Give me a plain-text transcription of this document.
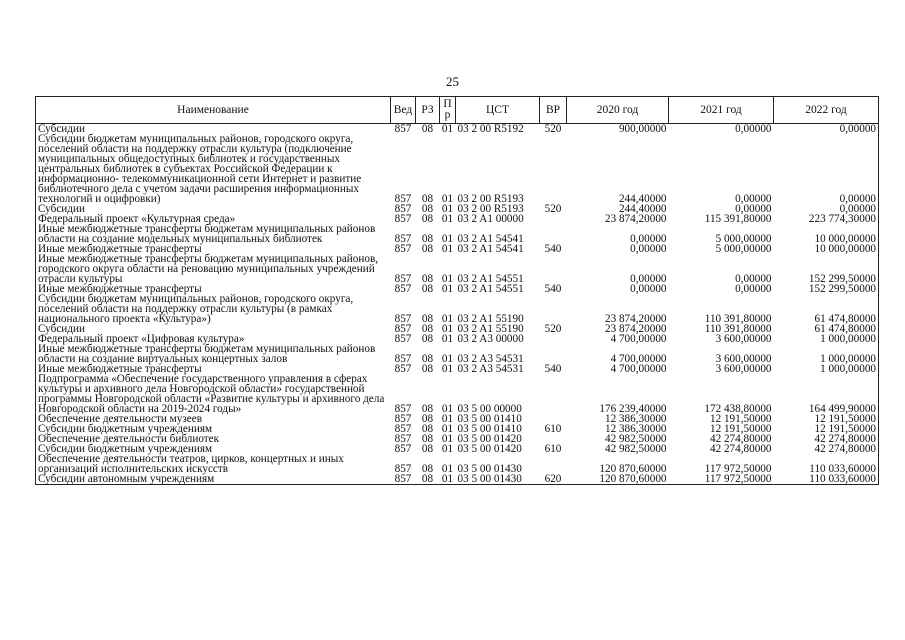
25
Наименование	Вед	РЗ	П р	ЦСТ	ВР	2020 год	2021 год	2022 год
Субсидии	857	08	01	03 2 00 R5192	520	900,00000	0,00000	0,00000
Субсидии бюджетам муниципальных районов, городского округа, поселений области на поддержку отрасли культура (подключение муниципальных общедоступных библиотек и государственных центральных библиотек в субъектах Российской Федерации к информационно- телекоммуникационной сети Интернет и развитие библиотечного дела с учетом задачи расширения информационных технологий и оцифровки)	857	08	01	03 2 00 R5193		244,40000	0,00000	0,00000
Субсидии	857	08	01	03 2 00 R5193	520	244,40000	0,00000	0,00000
Федеральный проект «Культурная среда»	857	08	01	03 2 A1 00000		23 874,20000	115 391,80000	223 774,30000
Иные межбюджетные трансферты бюджетам муниципальных районов области на создание модельных муниципальных библиотек	857	08	01	03 2 A1 54541		0,00000	5 000,00000	10 000,00000
Иные межбюджетные трансферты	857	08	01	03 2 A1 54541	540	0,00000	5 000,00000	10 000,00000
Иные межбюджетные трансферты бюджетам муниципальных районов, городского округа области на реновацию муниципальных учреждений отрасли культуры	857	08	01	03 2 A1 54551		0,00000	0,00000	152 299,50000
Иные межбюджетные трансферты	857	08	01	03 2 A1 54551	540	0,00000	0,00000	152 299,50000
Субсидии бюджетам муниципальных районов, городского округа, поселений области на поддержку отрасли культуры (в рамках национального проекта «Культура»)	857	08	01	03 2 A1 55190		23 874,20000	110 391,80000	61 474,80000
Субсидии	857	08	01	03 2 A1 55190	520	23 874,20000	110 391,80000	61 474,80000
Федеральный проект «Цифровая культура»	857	08	01	03 2 A3 00000		4 700,00000	3 600,00000	1 000,00000
Иные межбюджетные трансферты бюджетам муниципальных районов области на создание виртуальных концертных залов	857	08	01	03 2 A3 54531		4 700,00000	3 600,00000	1 000,00000
Иные межбюджетные трансферты	857	08	01	03 2 A3 54531	540	4 700,00000	3 600,00000	1 000,00000
Подпрограмма «Обеспечение государственного управления в сферах культуры и архивного дела Новгородской области» государственной программы Новгородской области «Развитие культуры и архивного дела Новгородской области на 2019-2024 годы»	857	08	01	03 5 00 00000		176 239,40000	172 438,80000	164 499,90000
Обеспечение деятельности музеев	857	08	01	03 5 00 01410		12 386,30000	12 191,50000	12 191,50000
Субсидии бюджетным учреждениям	857	08	01	03 5 00 01410	610	12 386,30000	12 191,50000	12 191,50000
Обеспечение деятельности библиотек	857	08	01	03 5 00 01420		42 982,50000	42 274,80000	42 274,80000
Субсидии бюджетным учреждениям	857	08	01	03 5 00 01420	610	42 982,50000	42 274,80000	42 274,80000
Обеспечение деятельности театров, цирков, концертных и иных организаций исполнительских искусств	857	08	01	03 5 00 01430		120 870,60000	117 972,50000	110 033,60000
Субсидии автономным учреждениям	857	08	01	03 5 00 01430	620	120 870,60000	117 972,50000	110 033,60000
